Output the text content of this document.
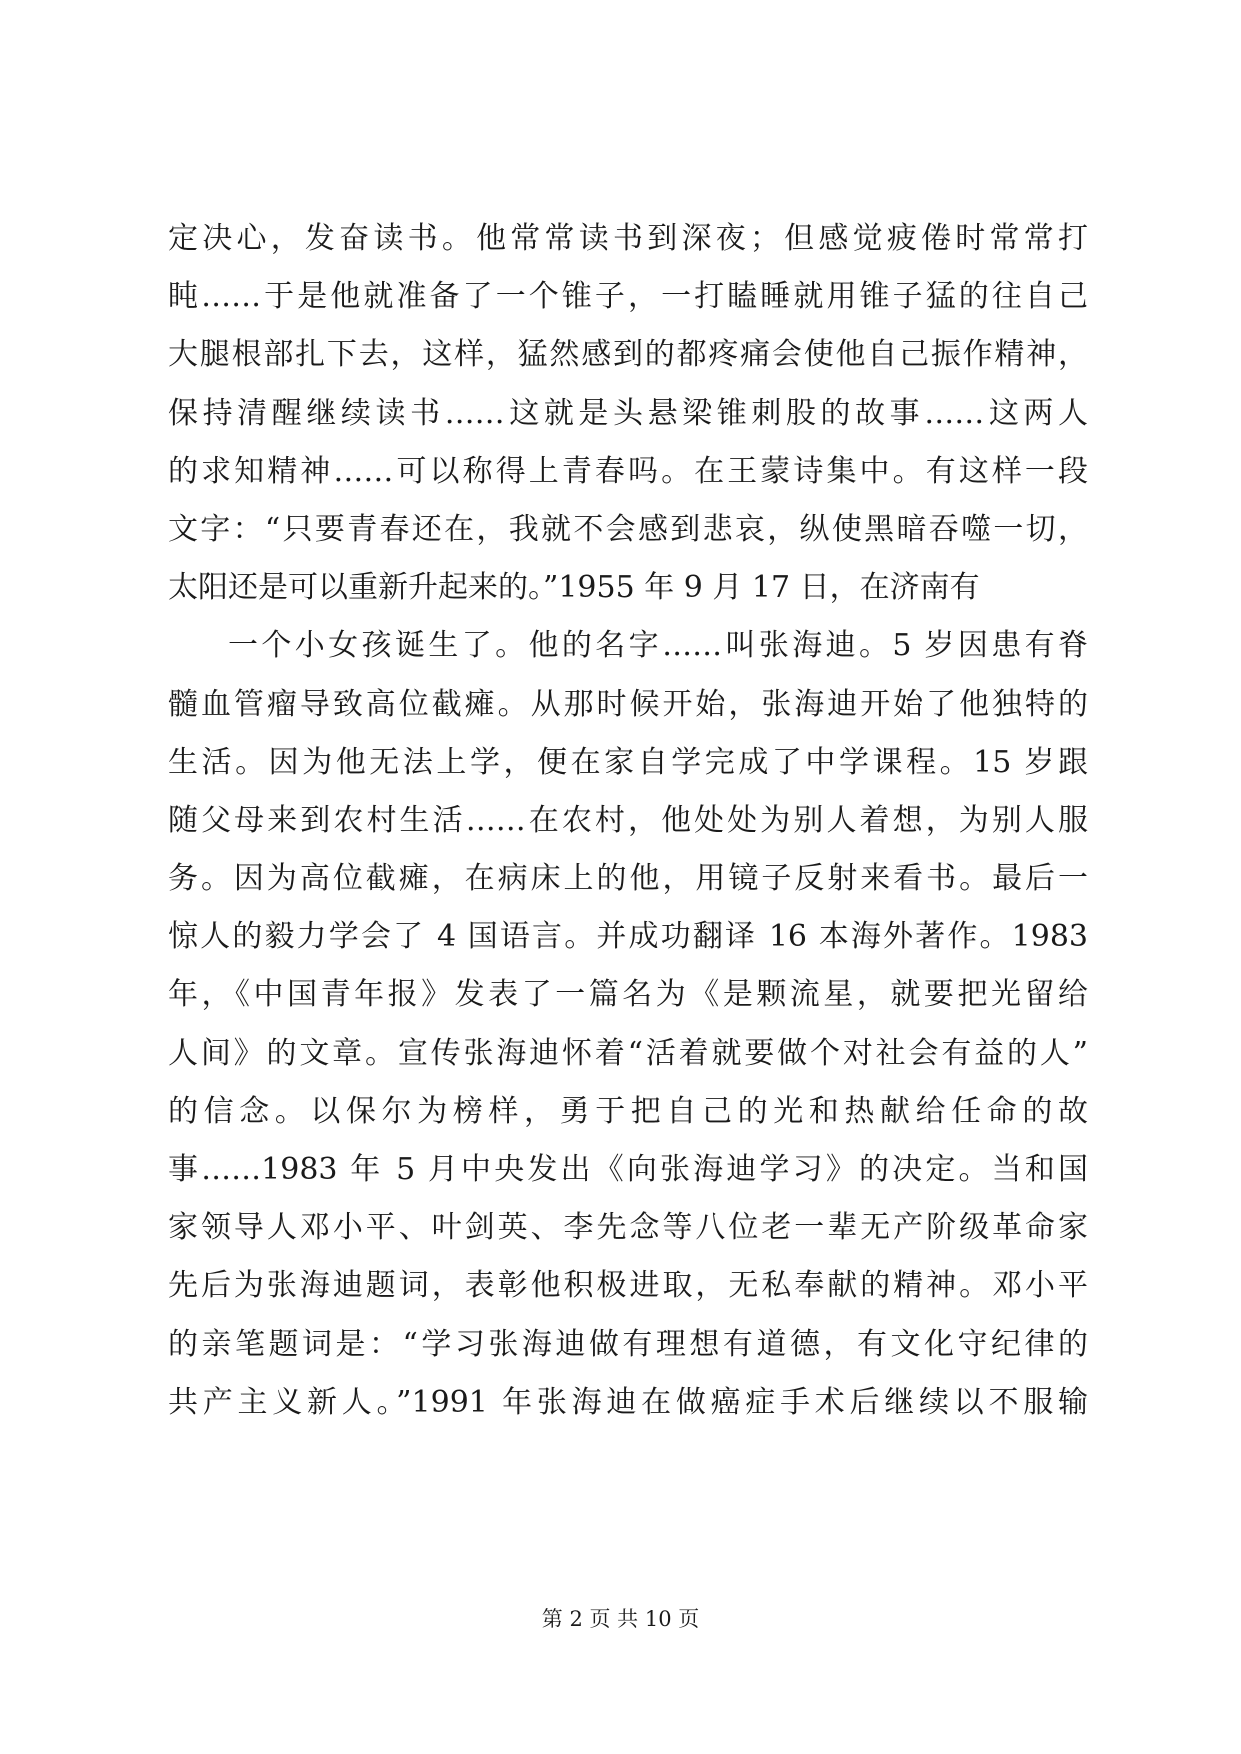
定决心，发奋读书。他常常读书到深夜；但感觉疲倦时常常打
盹……于是他就准备了一个锥子，一打瞌睡就用锥子猛的往自己
大腿根部扎下去，这样，猛然感到的都疼痛会使他自己振作精神，
保持清醒继续读书……这就是头悬梁锥刺股的故事……这两人
的求知精神……可以称得上青春吗。在王蒙诗集中。有这样一段
文字：“只要青春还在，我就不会感到悲哀，纵使黑暗吞噬一切，
太阳还是可以重新升起来的。”1955 年 9 月 17 日，在济南有
一个小女孩诞生了。他的名字……叫张海迪。5 岁因患有脊
髓血管瘤导致高位截瘫。从那时候开始，张海迪开始了他独特的
生活。因为他无法上学，便在家自学完成了中学课程。15 岁跟
随父母来到农村生活……在农村，他处处为别人着想，为别人服
务。因为高位截瘫，在病床上的他，用镜子反射来看书。最后一
惊人的毅力学会了 4 国语言。并成功翻译 16 本海外著作。1983
年，《中国青年报》发表了一篇名为《是颗流星，就要把光留给
人间》的文章。宣传张海迪怀着“活着就要做个对社会有益的人”
的信念。以保尔为榜样，勇于把自己的光和热献给任命的故
事……1983 年 5 月中央发出《向张海迪学习》的决定。当和国
家领导人邓小平、叶剑英、李先念等八位老一辈无产阶级革命家
先后为张海迪题词，表彰他积极进取，无私奉献的精神。邓小平
的亲笔题词是：“学习张海迪做有理想有道德，有文化守纪律的
共产主义新人。”1991 年张海迪在做癌症手术后继续以不服输
第 2 页 共 10 页
